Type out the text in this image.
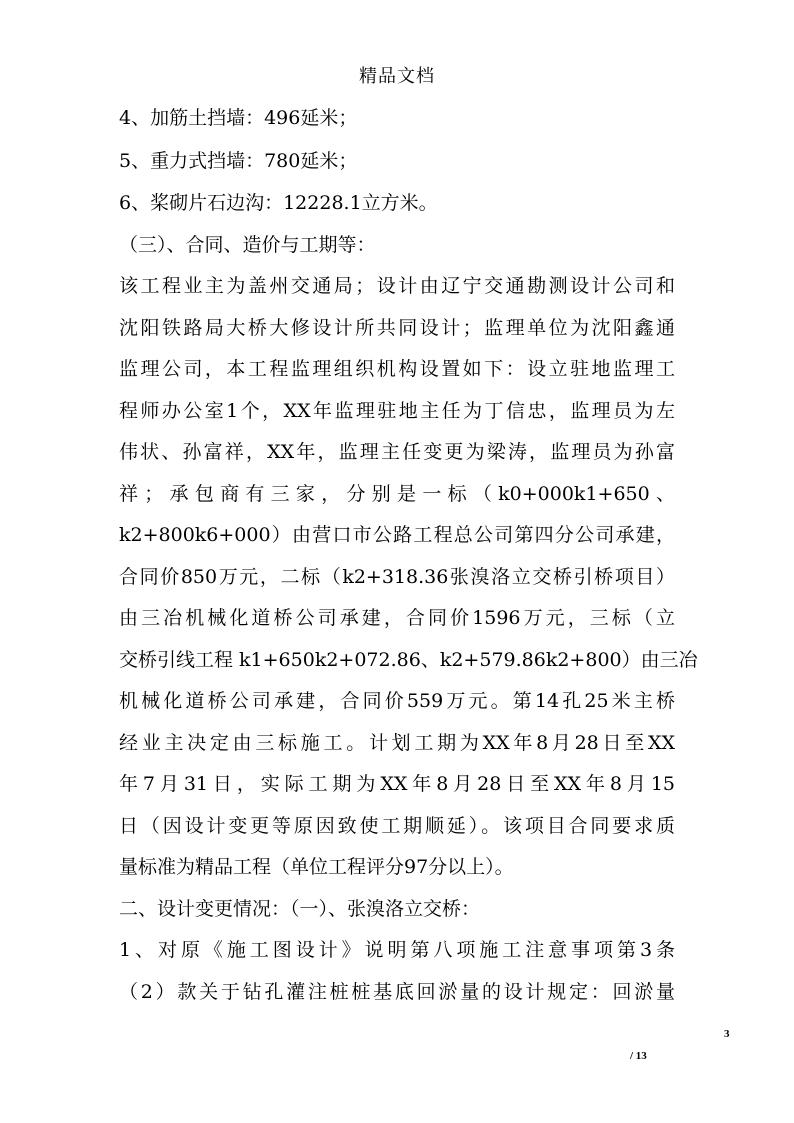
精品文档
4、加筋土挡墙：496延米；
5、重力式挡墙：780延米；
6、桨砌片石边沟：12228.1立方米。
（三）、合同、造价与工期等：
该工程业主为盖州交通局；设计由辽宁交通勘测设计公司和
沈阳铁路局大桥大修设计所共同设计；监理单位为沈阳鑫通
监理公司，本工程监理组织机构设置如下：设立驻地监理工
程师办公室1个，XX年监理驻地主任为丁信忠，监理员为左
伟状、孙富祥，XX年，监理主任变更为梁涛，监理员为孙富
祥；承包商有三家，分别是一标（k0+000k1+650、
k2+800k6+000）由营口市公路工程总公司第四分公司承建，
合同价850万元，二标（k2+318.36张溴洛立交桥引桥项目）
由三冶机械化道桥公司承建，合同价1596万元，三标（立
交桥引线工程 k1+650k2+072.86、k2+579.86k2+800）由三冶
机械化道桥公司承建，合同价559万元。第14孔25米主桥
经业主决定由三标施工。计划工期为XX年8月28日至XX
年7月31日，实际工期为XX年8月28日至XX年8月15
日（因设计变更等原因致使工期顺延）。该项目合同要求质
量标准为精品工程（单位工程评分97分以上）。
二、设计变更情况：（一）、张溴洛立交桥：
1、对原《施工图设计》说明第八项施工注意事项第3条
（2）款关于钻孔灌注桩桩基底回淤量的设计规定：回淤量
3
/ 13
